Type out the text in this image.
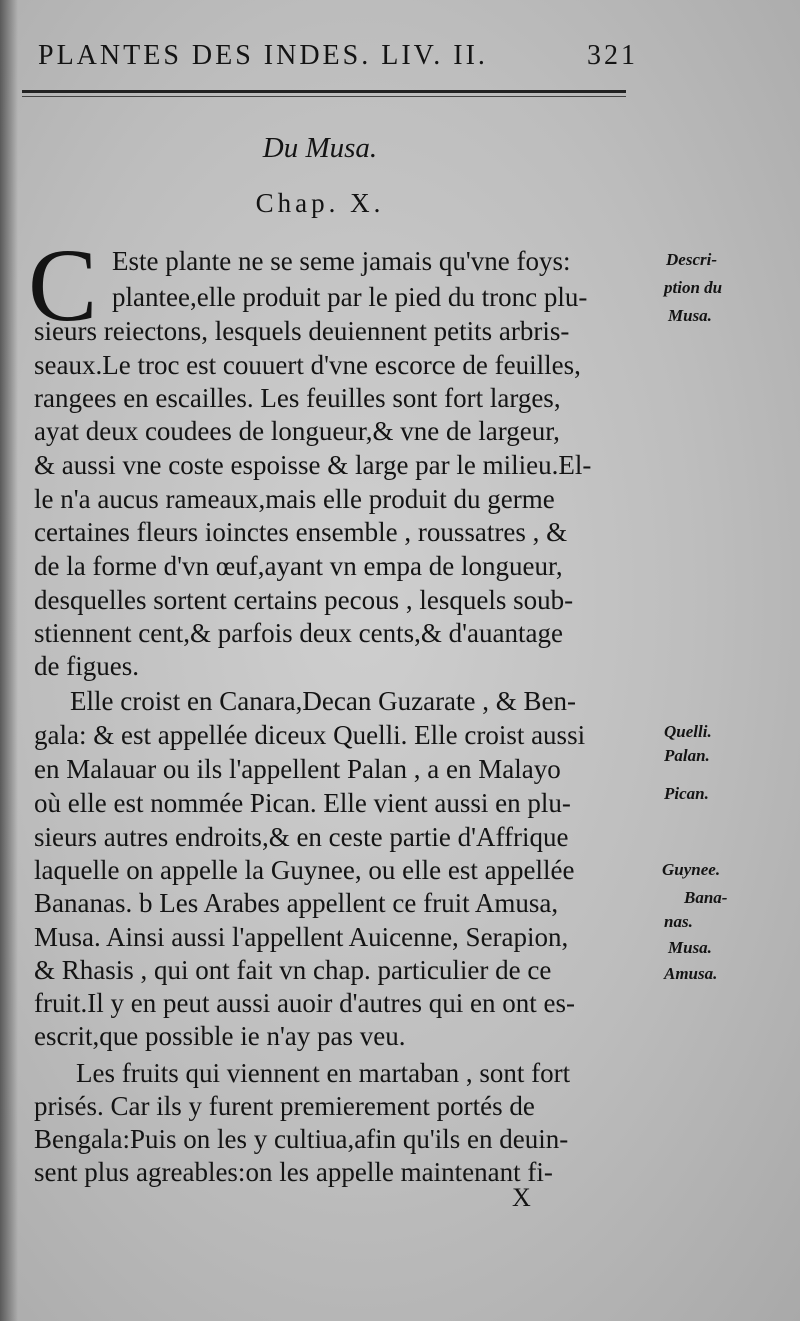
PLANTES DES INDES. LIV. II.	321
Du Musa.
Chap. X.
C Este plante ne se seme jamais qu'vne foys:
plantee,elle produit par le pied du tronc plu-
sieurs reiectons, lesquels deuiennent petits arbris-
seaux.Le troc est couuert d'vne escorce de feuilles,
rangees en escailles. Les feuilles sont fort larges,
ayat deux coudees de longueur,& vne de largeur,
& aussi vne coste espoisse & large par le milieu.El-
le n'a aucus rameaux,mais elle produit du germe
certaines fleurs ioinctes ensemble , roussatres , &
de la forme d'vn œuf,ayant vn empa de longueur,
desquelles sortent certains pecous , lesquels soub-
stiennent cent,& parfois deux cents,& d'auantage
de figues.
Elle croist en Canara,Decan Guzarate , & Ben-
gala: & est appellée diceux Quelli. Elle croist aussi
en Malauar ou ils l'appellent Palan , a en Malayo
où elle est nommée Pican. Elle vient aussi en plu-
sieurs autres endroits,& en ceste partie d'Affrique
laquelle on appelle la Guynee, ou elle est appellée
Bananas. b Les Arabes appellent ce fruit Amusa,
Musa. Ainsi aussi l'appellent Auicenne, Serapion,
& Rhasis , qui ont fait vn chap. particulier de ce
fruit.Il y en peut aussi auoir d'autres qui en ont es-
escrit,que possible ie n'ay pas veu.
Les fruits qui viennent en martaban , sont fort
prisés. Car ils y furent premierement portés de
Bengala:Puis on les y cultiua,afin qu'ils en deuin-
sent plus agreables:on les appelle maintenant fi-
Descri-
ption du
Musa.
Quelli.
Palan.
Pican.
Guynee.
Bana-
nas.
Musa.
Amusa.
X
